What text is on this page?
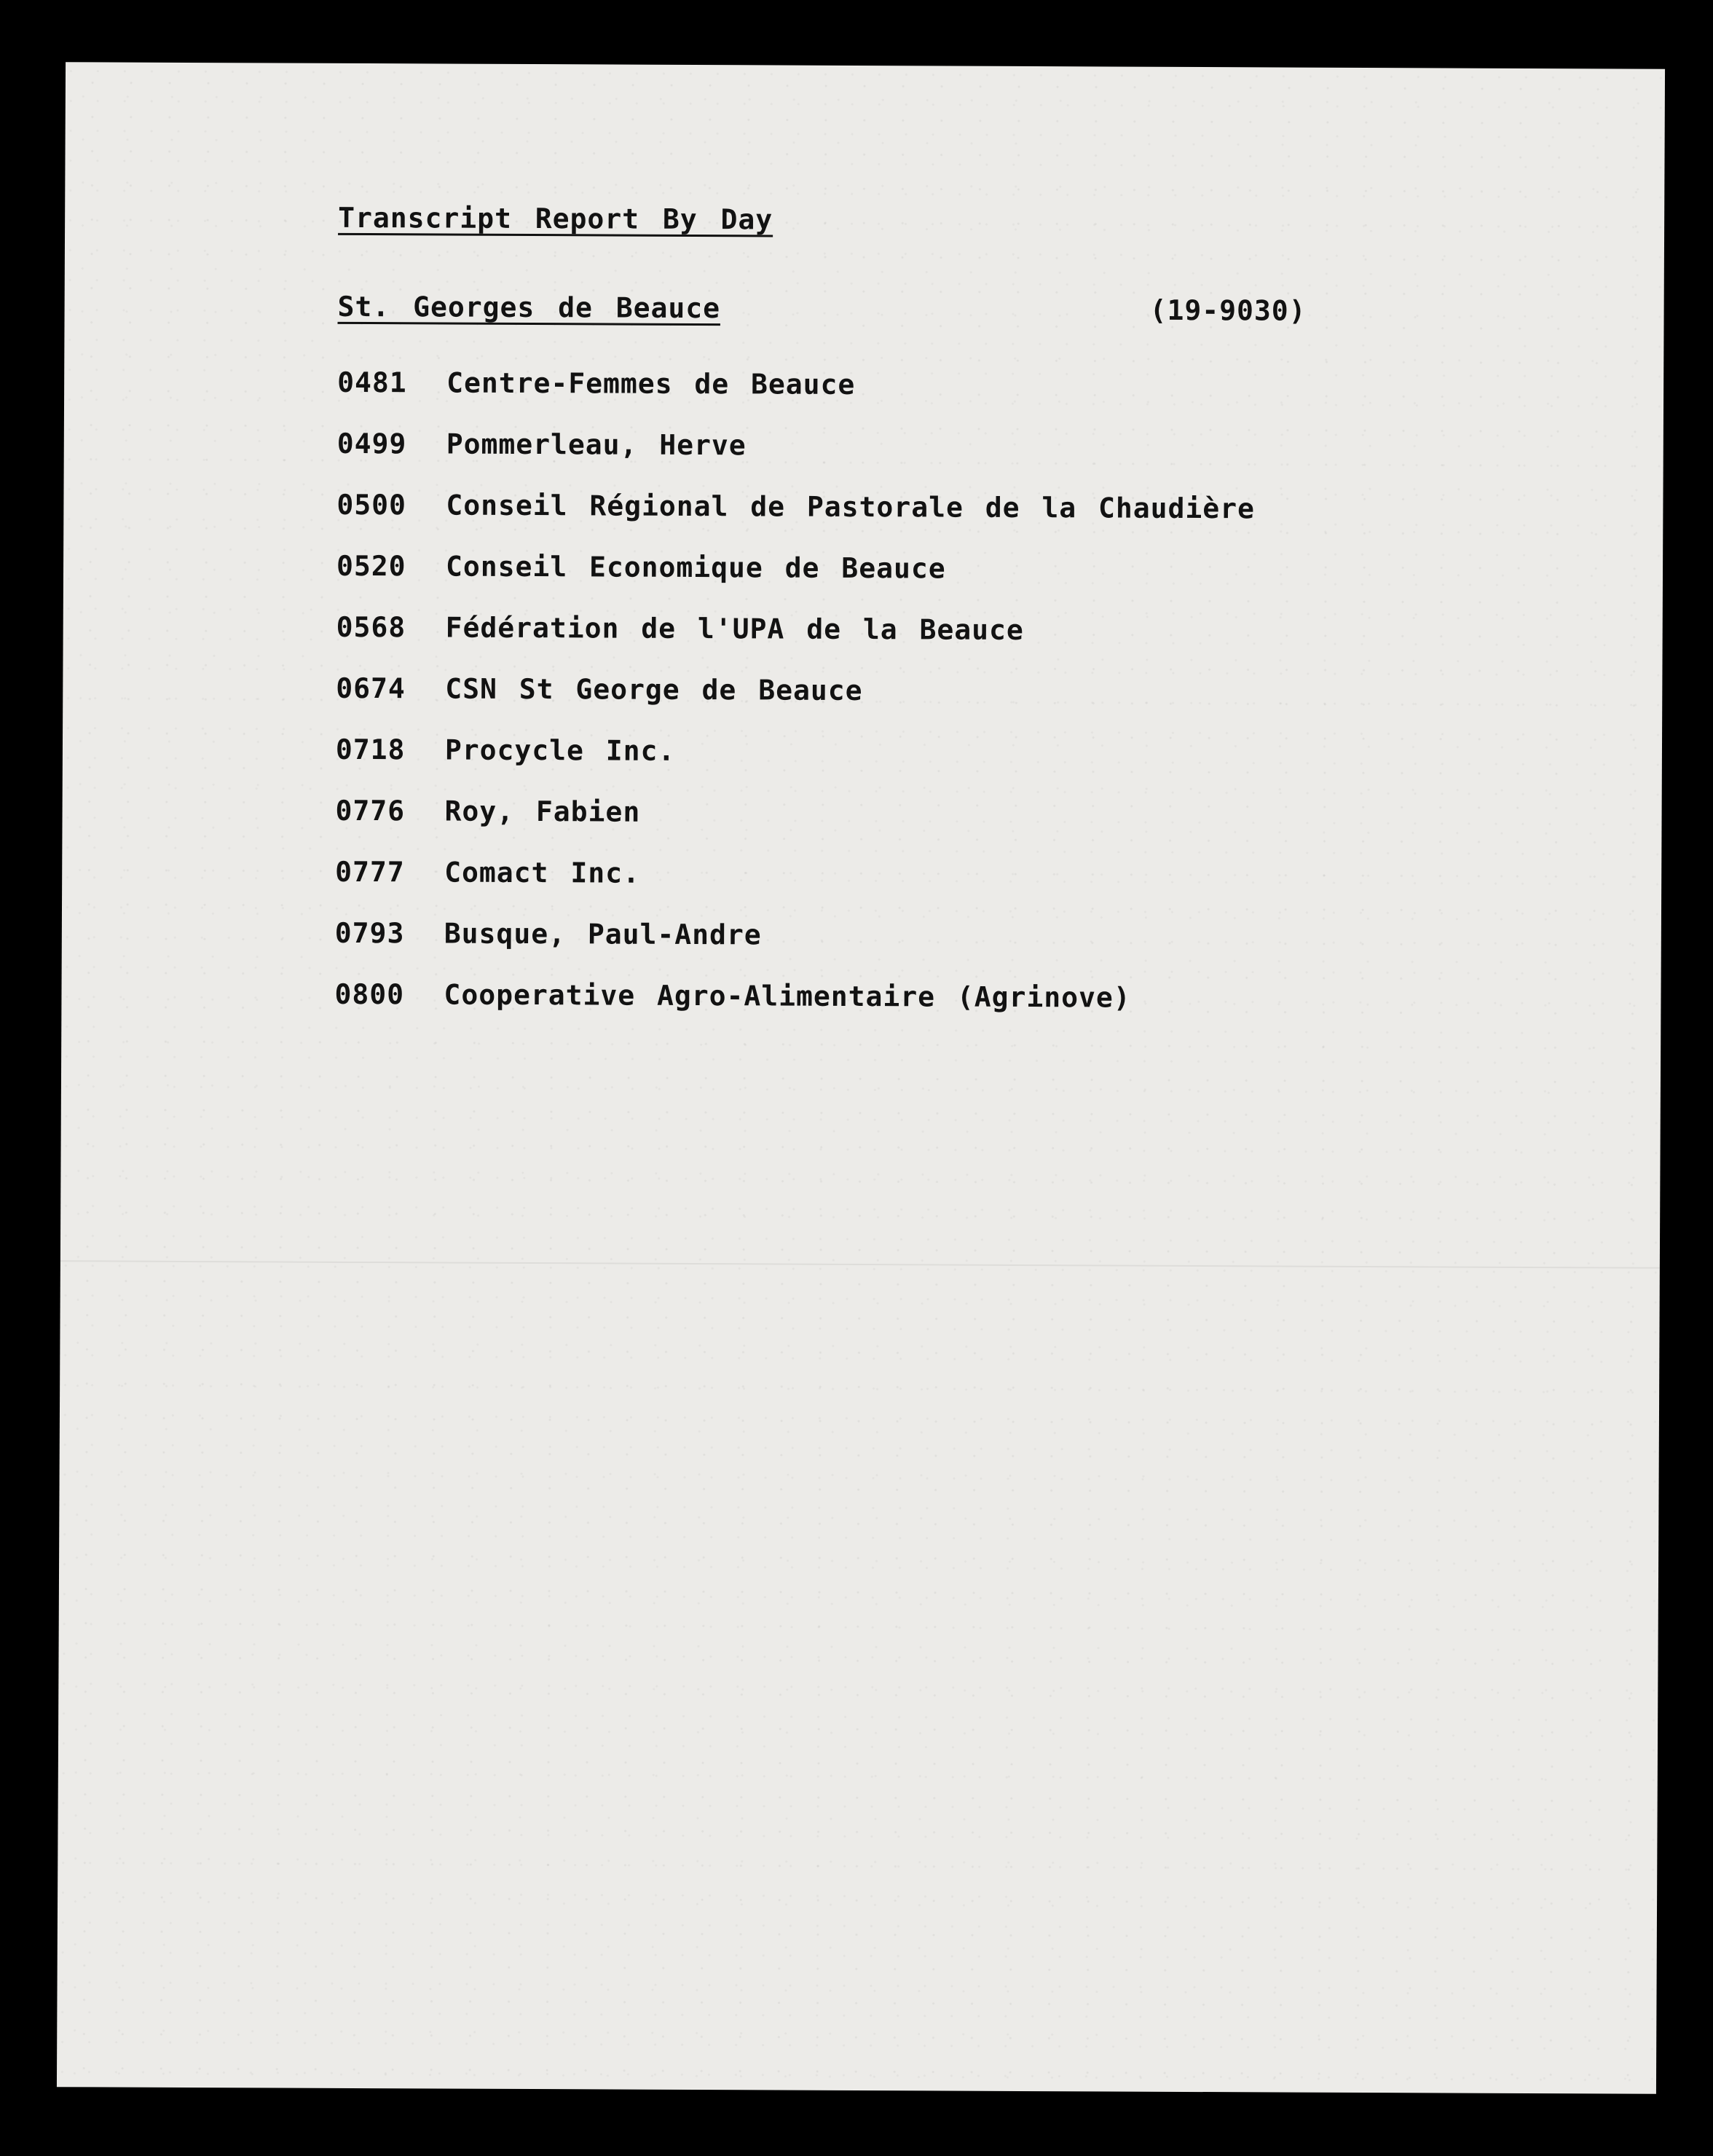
Transcript Report By Day

St. Georges de Beauce	(19-9030)
0481	Centre-Femmes de Beauce
0499	Pommerleau, Herve
0500	Conseil Régional de Pastorale de la Chaudière
0520	Conseil Economique de Beauce
0568	Fédération de l'UPA de la Beauce
0674	CSN St George de Beauce
0718	Procycle Inc.
0776	Roy, Fabien
0777	Comact Inc.
0793	Busque, Paul-Andre
0800	Cooperative Agro-Alimentaire (Agrinove)
